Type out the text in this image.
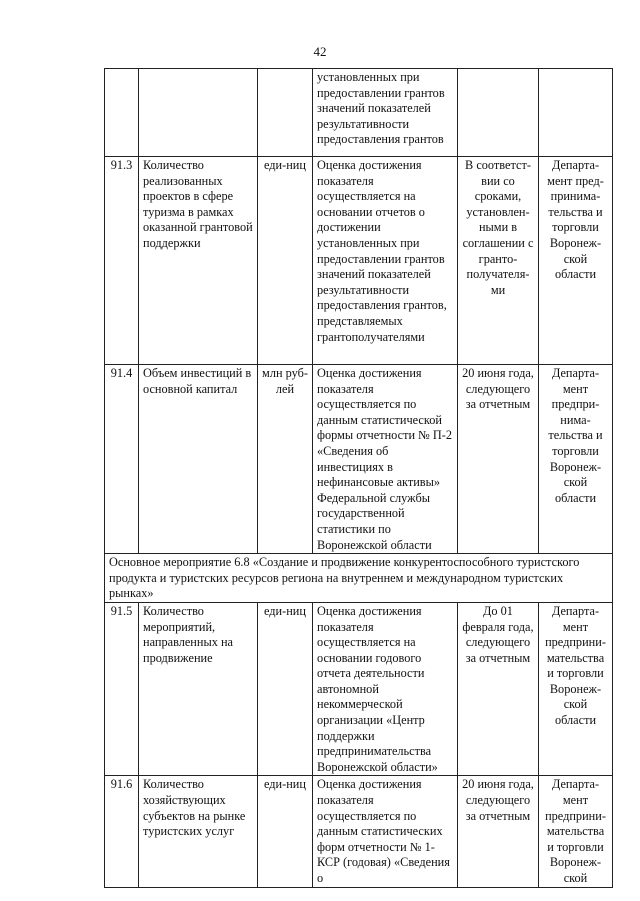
42
			установленных при предоставлении грантов значений показателей результативности предоставления грантов		
91.3	Количество реализованных проектов в сфере туризма в рамках оказанной грантовой поддержки	еди-ниц	Оценка достижения показателя осуществляется на основании отчетов о достижении установленных при предоставлении грантов значений показателей результативности предоставления грантов, представляемых грантополучателями	В соответст-вии со сроками, установлен-ными в соглашении с гранто-получателя-ми	Департа-мент пред-принима-тельства и торговли Воронеж-ской области
91.4	Объем инвестиций в основной капитал	млн руб-лей	Оценка достижения показателя осуществляется по данным статистической формы отчетности № П-2 «Сведения об инвестициях в нефинансовые активы» Федеральной службы государственной статистики по Воронежской области	20 июня года, следующего за отчетным	Департа-мент предпри-нима-тельства и торговли Воронеж-ской области
Основное мероприятие 6.8 «Создание и продвижение конкурентоспособного туристского продукта и туристских ресурсов региона на внутреннем и международном туристских рынках»					
91.5	Количество мероприятий, направленных на продвижение	еди-ниц	Оценка достижения показателя осуществляется на основании годового отчета деятельности автономной некоммерческой организации «Центр поддержки предпринимательства Воронежской области»	До 01 февраля года, следующего за отчетным	Департа-мент предприни-мательства и торговли Воронеж-ской области
91.6	Количество хозяйствующих субъектов на рынке туристских услуг	еди-ниц	Оценка достижения показателя осуществляется по данным статистических форм отчетности № 1-КСР (годовая) «Сведения о	20 июня года, следующего за отчетным	Департа-мент предприни-мательства и торговли Воронеж-ской
